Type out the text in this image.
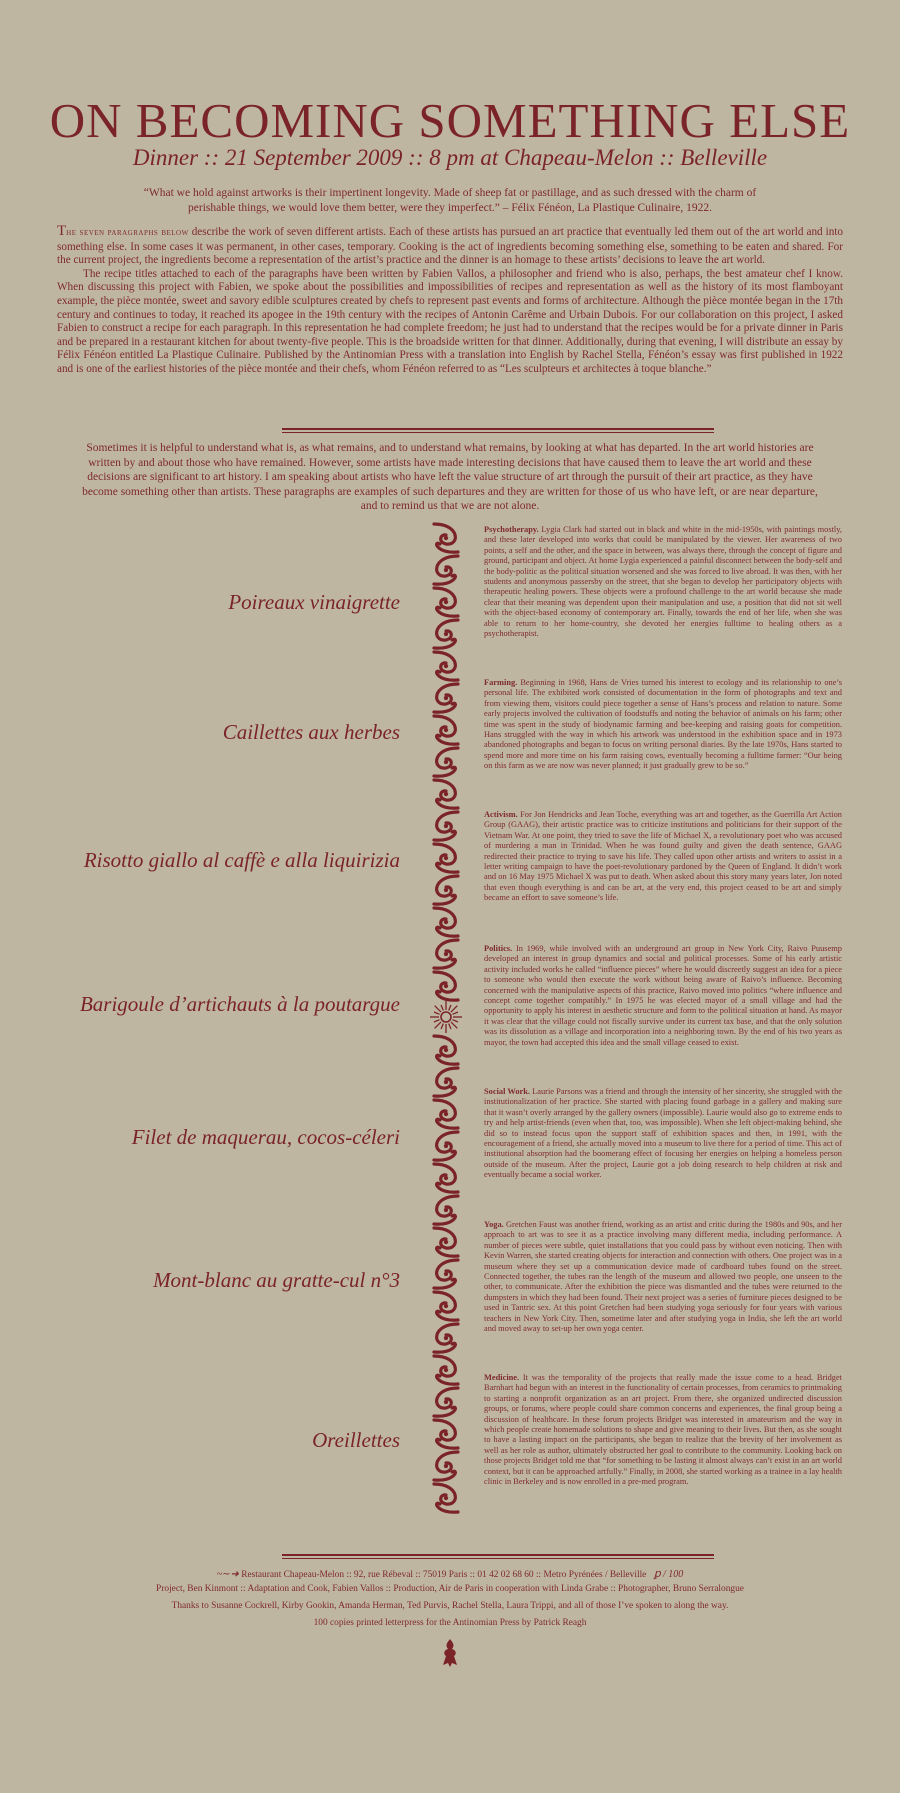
ON BECOMING SOMETHING ELSE
Dinner :: 21 September 2009 :: 8 pm at Chapeau-Melon :: Belleville
“What we hold against artworks is their impertinent longevity. Made of sheep fat or pastillage, and as such dressed with the charm of perishable things, we would love them better, were they imperfect.” – Félix Fénéon, La Plastique Culinaire, 1922.

The seven paragraphs below describe the work of seven different artists. Each of these artists has pursued an art practice that eventually led them out of the art world and into something else. In some cases it was permanent, in other cases, temporary. Cooking is the act of ingredients becoming something else, something to be eaten and shared. For the current project, the ingredients become a representation of the artist’s practice and the dinner is an homage to these artists’ decisions to leave the art world.

The recipe titles attached to each of the paragraphs have been written by Fabien Vallos, a philosopher and friend who is also, perhaps, the best amateur chef I know. When discussing this project with Fabien, we spoke about the possibilities and impossibilities of recipes and representation as well as the history of its most flamboyant example, the pièce montée, sweet and savory edible sculptures created by chefs to represent past events and forms of architecture. Although the pièce montée began in the 17th century and continues to today, it reached its apogee in the 19th century with the recipes of Antonin Carême and Urbain Dubois. For our collaboration on this project, I asked Fabien to construct a recipe for each paragraph. In this representation he had complete freedom; he just had to understand that the recipes would be for a private dinner in Paris and be prepared in a restaurant kitchen for about twenty-five people. This is the broadside written for that dinner. Additionally, during that evening, I will distribute an essay by Félix Fénéon entitled La Plastique Culinaire. Published by the Antinomian Press with a translation into English by Rachel Stella, Fénéon’s essay was first published in 1922 and is one of the earliest histories of the pièce montée and their chefs, whom Fénéon referred to as “Les sculpteurs et architectes à toque blanche.”

Sometimes it is helpful to understand what is, as what remains, and to understand what remains, by looking at what has departed. In the art world histories are written by and about those who have remained. However, some artists have made interesting decisions that have caused them to leave the art world and these decisions are significant to art history. I am speaking about artists who have left the value structure of art through the pursuit of their art practice, as they have become something other than artists. These paragraphs are examples of such departures and they are written for those of us who have left, or are near departure, and to remind us that we are not alone.
Poireaux vinaigrette
Caillettes aux herbes
Risotto giallo al caffè e alla liquirizia
Barigoule d’artichauts à la poutargue
Filet de maquerau, cocos-céleri
Mont-blanc au gratte-cul n°3
Oreillettes
Psychotherapy. Lygia Clark had started out in black and white in the mid-1950s, with paintings mostly, and these later developed into works that could be manipulated by the viewer. Her awareness of two points, a self and the other, and the space in between, was always there, through the concept of figure and ground, participant and object. At home Lygia experienced a painful disconnect between the body-self and the body-politic as the political situation worsened and she was forced to live abroad. It was then, with her students and anonymous passersby on the street, that she began to develop her participatory objects with therapeutic healing powers. These objects were a profound challenge to the art world because she made clear that their meaning was dependent upon their manipulation and use, a position that did not sit well with the object-based economy of contemporary art. Finally, towards the end of her life, when she was able to return to her home-country, she devoted her energies fulltime to healing others as a psychotherapist.
Farming. Beginning in 1968, Hans de Vries turned his interest to ecology and its relationship to one’s personal life. The exhibited work consisted of documentation in the form of photographs and text and from viewing them, visitors could piece together a sense of Hans’s process and relation to nature. Some early projects involved the cultivation of foodstuffs and noting the behavior of animals on his farm; other time was spent in the study of biodynamic farming and bee-keeping and raising goats for competition. Hans struggled with the way in which his artwork was understood in the exhibition space and in 1973 abandoned photographs and began to focus on writing personal diaries. By the late 1970s, Hans started to spend more and more time on his farm raising cows, eventually becoming a fulltime farmer: “Our being on this farm as we are now was never planned; it just gradually grew to be so.”
Activism. For Jon Hendricks and Jean Toche, everything was art and together, as the Guerrilla Art Action Group (GAAG), their artistic practice was to criticize institutions and politicians for their support of the Vietnam War. At one point, they tried to save the life of Michael X, a revolutionary poet who was accused of murdering a man in Trinidad. When he was found guilty and given the death sentence, GAAG redirected their practice to trying to save his life. They called upon other artists and writers to assist in a letter writing campaign to have the poet-revolutionary pardoned by the Queen of England. It didn’t work and on 16 May 1975 Michael X was put to death. When asked about this story many years later, Jon noted that even though everything is and can be art, at the very end, this project ceased to be art and simply became an effort to save someone’s life.
Politics. In 1969, while involved with an underground art group in New York City, Raivo Puusemp developed an interest in group dynamics and social and political processes. Some of his early artistic activity included works he called “influence pieces” where he would discreetly suggest an idea for a piece to someone who would then execute the work without being aware of Raivo’s influence. Becoming concerned with the manipulative aspects of this practice, Raivo moved into politics “where influence and concept come together compatibly.” In 1975 he was elected mayor of a small village and had the opportunity to apply his interest in aesthetic structure and form to the political situation at hand. As mayor it was clear that the village could not fiscally survive under its current tax base, and that the only solution was its dissolution as a village and incorporation into a neighboring town. By the end of his two years as mayor, the town had accepted this idea and the small village ceased to exist.
Social Work. Laurie Parsons was a friend and through the intensity of her sincerity, she struggled with the institutionalization of her practice. She started with placing found garbage in a gallery and making sure that it wasn’t overly arranged by the gallery owners (impossible). Laurie would also go to extreme ends to try and help artist-friends (even when that, too, was impossible). When she left object-making behind, she did so to instead focus upon the support staff of exhibition spaces and then, in 1991, with the encouragement of a friend, she actually moved into a museum to live there for a period of time. This act of institutional absorption had the boomerang effect of focusing her energies on helping a homeless person outside of the museum. After the project, Laurie got a job doing research to help children at risk and eventually became a social worker.
Yoga. Gretchen Faust was another friend, working as an artist and critic during the 1980s and 90s, and her approach to art was to see it as a practice involving many different media, including performance. A number of pieces were subtle, quiet installations that you could pass by without even noticing. Then with Kevin Warren, she started creating objects for interaction and connection with others. One project was in a museum where they set up a communication device made of cardboard tubes found on the street. Connected together, the tubes ran the length of the museum and allowed two people, one unseen to the other, to communicate. After the exhibition the piece was dismantled and the tubes were returned to the dumpsters in which they had been found. Their next project was a series of furniture pieces designed to be used in Tantric sex. At this point Gretchen had been studying yoga seriously for four years with various teachers in New York City. Then, sometime later and after studying yoga in India, she left the art world and moved away to set-up her own yoga center.
Medicine. It was the temporality of the projects that really made the issue come to a head. Bridget Barnhart had begun with an interest in the functionality of certain processes, from ceramics to printmaking to starting a nonprofit organization as an art project. From there, she organized undirected discussion groups, or forums, where people could share common concerns and experiences, the final group being a discussion of healthcare. In these forum projects Bridget was interested in amateurism and the way in which people create homemade solutions to shape and give meaning to their lives. But then, as she sought to have a lasting impact on the participants, she began to realize that the brevity of her involvement as well as her role as author, ultimately obstructed her goal to contribute to the community. Looking back on those projects Bridget told me that “for something to be lasting it almost always can’t exist in an art world context, but it can be approached artfully.” Finally, in 2008, she started working as a trainee in a lay health clinic in Berkeley and is now enrolled in a pre-med program.
~∼➜ Restaurant Chapeau-Melon :: 92, rue Rébeval :: 75019 Paris :: 01 42 02 68 60 :: Metro Pyrénées / Belleville ꝑ / 100
Project, Ben Kinmont :: Adaptation and Cook, Fabien Vallos :: Production, Air de Paris in cooperation with Linda Grabe :: Photographer, Bruno Serralongue
Thanks to Susanne Cockrell, Kirby Gookin, Amanda Herman, Ted Purvis, Rachel Stella, Laura Trippi, and all of those I’ve spoken to along the way.
100 copies printed letterpress for the Antinomian Press by Patrick Reagh
